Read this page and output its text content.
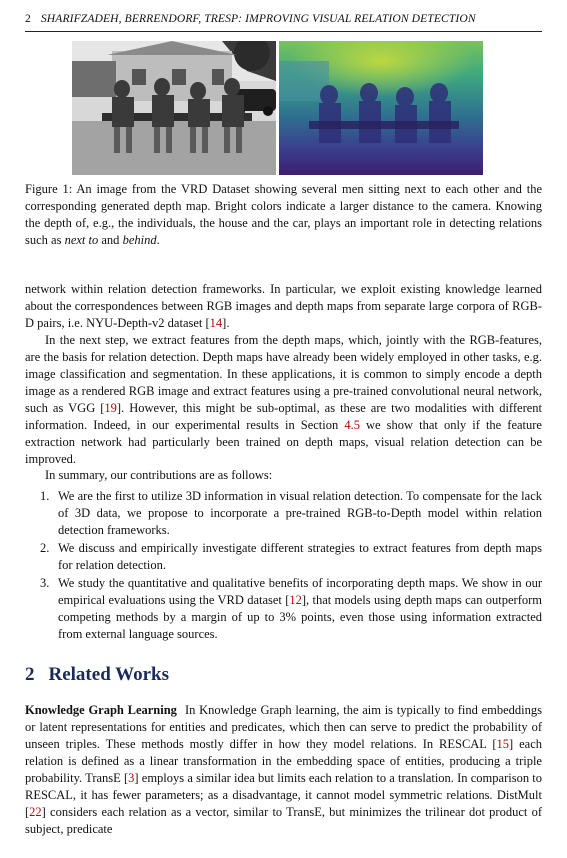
2 SHARIFZADEH, BERRENDORF, TRESP: IMPROVING VISUAL RELATION DETECTION

Figure 1: An image from the VRD Dataset showing several men sitting next to each other and the corresponding generated depth map. Bright colors indicate a larger distance to the camera. Knowing the depth of, e.g., the individuals, the house and the car, plays an important role in detecting relations such as next to and behind.

network within relation detection frameworks. In particular, we exploit existing knowledge learned about the correspondences between RGB images and depth maps from separate large corpora of RGB-D pairs, i.e. NYU-Depth-v2 dataset [14].

In the next step, we extract features from the depth maps, which, jointly with the RGB-features, are the basis for relation detection. Depth maps have already been widely employed in other tasks, e.g. image classification and segmentation. In these applications, it is common to simply encode a depth image as a rendered RGB image and extract features using a pre-trained convolutional neural network, such as VGG [19]. However, this might be sub-optimal, as these are two modalities with different information. Indeed, in our experimental results in Section 4.5 we show that only if the feature extraction network had particularly been trained on depth maps, visual relation detection can be improved.

In summary, our contributions are as follows:

1. We are the first to utilize 3D information in visual relation detection. To compensate for the lack of 3D data, we propose to incorporate a pre-trained RGB-to-Depth model within relation detection frameworks.
2. We discuss and empirically investigate different strategies to extract features from depth maps for relation detection.
3. We study the quantitative and qualitative benefits of incorporating depth maps. We show in our empirical evaluations using the VRD dataset [12], that models using depth maps can outperform competing methods by a margin of up to 3% points, even those using information extracted from external language sources.
2 Related Works

Knowledge Graph Learning In Knowledge Graph learning, the aim is typically to find embeddings or latent representations for entities and predicates, which then can serve to predict the probability of unseen triples. These methods mostly differ in how they model relations. In RESCAL [15] each relation is defined as a linear transformation in the embedding space of entities, producing a triple probability. TransE [3] employs a similar idea but limits each relation to a translation. In comparison to RESCAL, it has fewer parameters; as a disadvantage, it cannot model symmetric relations. DistMult [22] considers each relation as a vector, similar to TransE, but minimizes the trilinear dot product of subject, predicate
